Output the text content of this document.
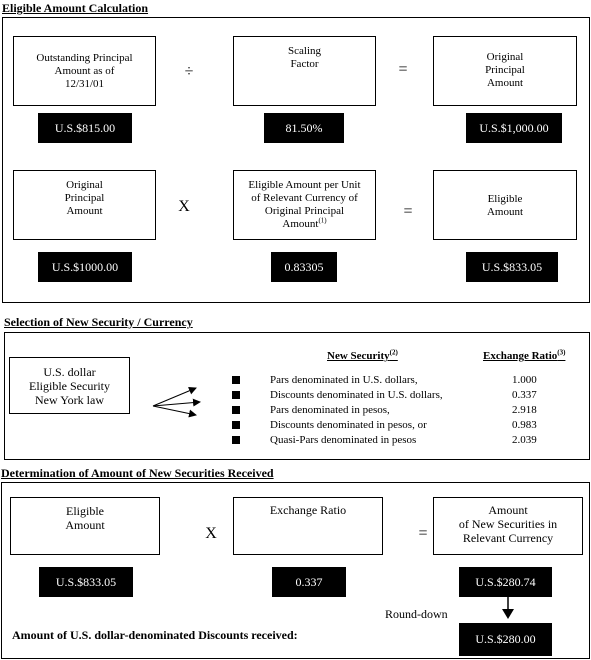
Eligible Amount Calculation
Outstanding Principal
Amount as of
12/31/01
÷
Scaling
Factor	=
Original
Principal
Amount
U.S.$815.00	81.50%	U.S.$1,000.00
Original
Principal
Amount	X
Eligible Amount per Unit
of Relevant Currency of
Original Principal
Amount$^{(1)}$
=
Eligible
Amount
U.S.$1000.00	0.83305	U.S.$833.05
Selection of New Security / Currency
U.S. dollar
Eligible Security
New York law
New Security$^{(2)}$	Exchange Ratio$^{(3)}$
Pars denominated in U.S. dollars,	1.000
Discounts denominated in U.S. dollars,	0.337
Pars denominated in pesos,	2.918
Discounts denominated in pesos, or	0.983
Quasi-Pars denominated in pesos	2.039
Determination of Amount of New Securities Received
Eligible
Amount	X
Exchange Ratio
=
Amount
of New Securities in
Relevant Currency
U.S.$833.05	0.337	U.S.$280.74
Round-down
Amount of U.S. dollar-denominated Discounts received:	U.S.$280.00
